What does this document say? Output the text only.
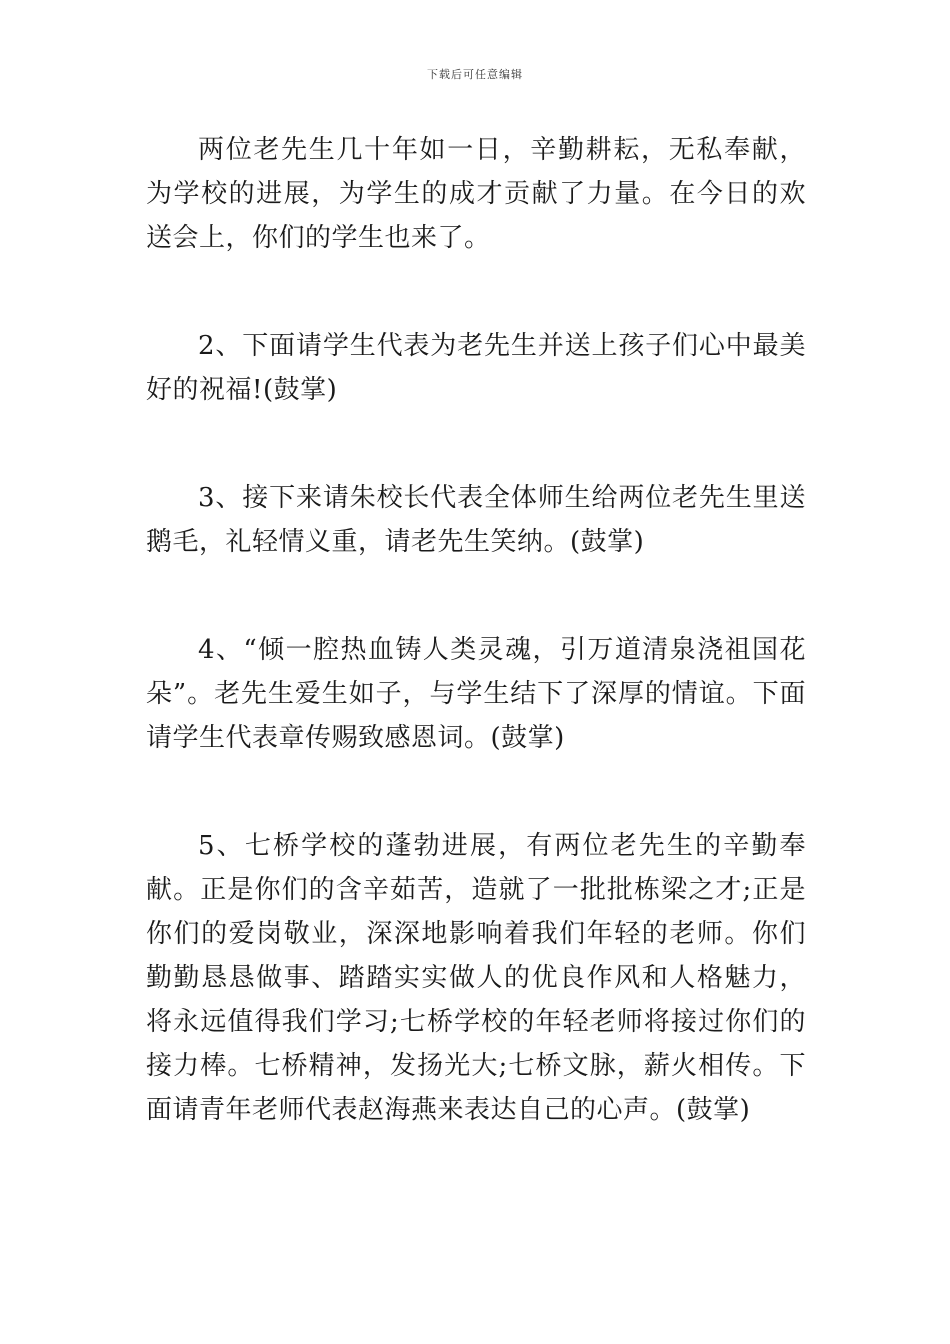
下载后可任意编辑

两位老先生几十年如一日，辛勤耕耘，无私奉献，为学校的进展，为学生的成才贡献了力量。在今日的欢送会上，你们的学生也来了。

2、下面请学生代表为老先生并送上孩子们心中最美好的祝福!(鼓掌)

3、接下来请朱校长代表全体师生给两位老先生里送鹅毛，礼轻情义重，请老先生笑纳。(鼓掌)

4、“倾一腔热血铸人类灵魂，引万道清泉浇祖国花朵”。老先生爱生如子，与学生结下了深厚的情谊。下面请学生代表章传赐致感恩词。(鼓掌)

5、七桥学校的蓬勃进展，有两位老先生的辛勤奉献。正是你们的含辛茹苦，造就了一批批栋梁之才;正是你们的爱岗敬业，深深地影响着我们年轻的老师。你们勤勤恳恳做事、踏踏实实做人的优良作风和人格魅力，将永远值得我们学习;七桥学校的年轻老师将接过你们的接力棒。七桥精神，发扬光大;七桥文脉，薪火相传。下面请青年老师代表赵海燕来表达自己的心声。(鼓掌)
